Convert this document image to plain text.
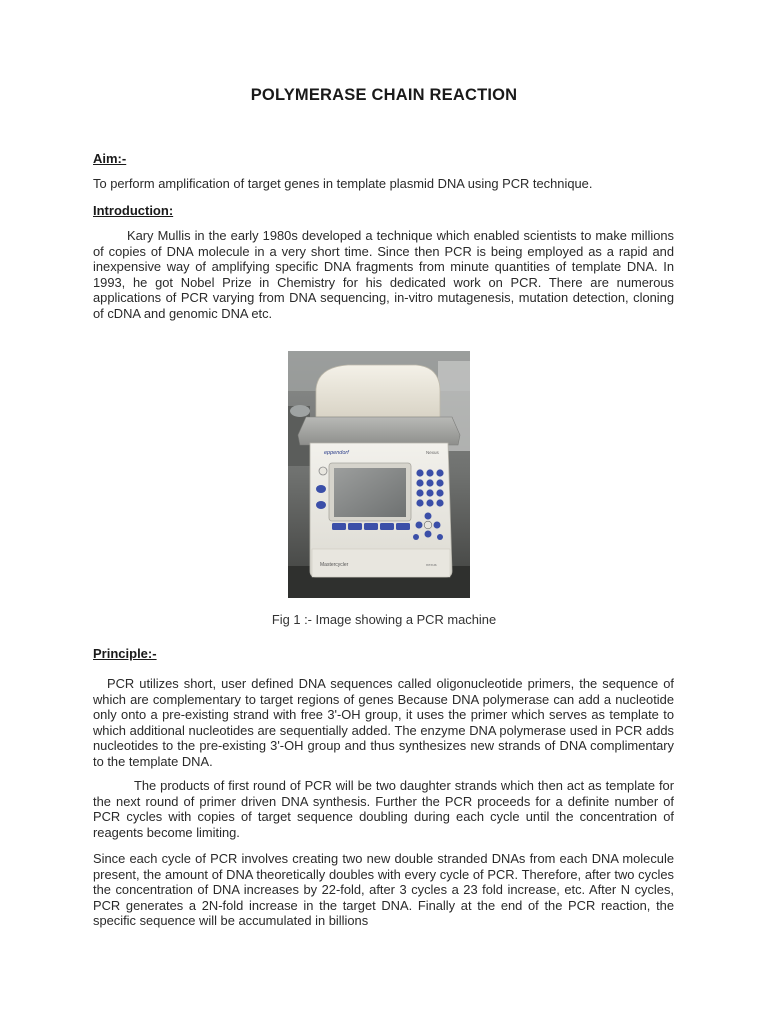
POLYMERASE CHAIN REACTION
Aim:-
To perform amplification of target genes in template plasmid DNA using PCR technique.
Introduction:
Kary Mullis in the early 1980s developed a technique which enabled scientists to make millions of copies of DNA molecule in a very short time. Since then PCR is being employed as a rapid and inexpensive way of amplifying specific DNA fragments from minute quantities of template DNA. In 1993, he got Nobel Prize in Chemistry for his dedicated work on PCR. There are numerous applications of PCR varying from DNA sequencing, in-vitro mutagenesis, mutation detection, cloning of cDNA and genomic DNA etc.
Mastercycler	nexus
eppendorf	Nexus
Fig 1 :- Image showing a PCR machine
Principle:-
PCR utilizes short, user defined DNA sequences called oligonucleotide primers, the sequence of which are complementary to target regions of genes Because DNA polymerase can add a nucleotide only onto a pre-existing strand with free 3'-OH group, it uses the primer which serves as template to which additional nucleotides are sequentially added. The enzyme DNA polymerase used in PCR adds nucleotides to the pre-existing 3'-OH group and thus synthesizes new strands of DNA complimentary to the template DNA.
The products of first round of PCR will be two daughter strands which then act as template for the next round of primer driven DNA synthesis. Further the PCR proceeds for a definite number of PCR cycles with copies of target sequence doubling during each cycle until the concentration of reagents become limiting.
Since each cycle of PCR involves creating two new double stranded DNAs from each DNA molecule present, the amount of DNA theoretically doubles with every cycle of PCR. Therefore, after two cycles the concentration of DNA increases by 22-fold, after 3 cycles a 23 fold increase, etc. After N cycles, PCR generates a 2N-fold increase in the target DNA. Finally at the end of the PCR reaction, the specific sequence will be accumulated in billions
